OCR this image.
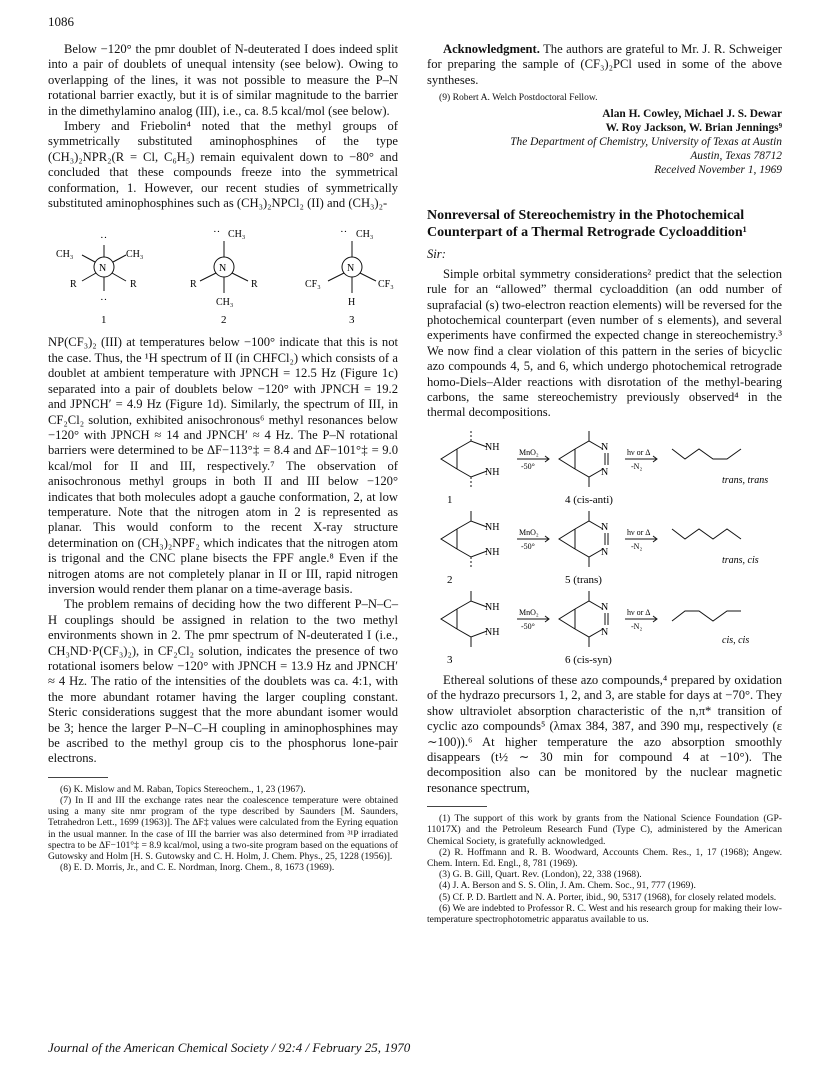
1086

Below −120° the pmr doublet of N-deuterated I does indeed split into a pair of doublets of unequal intensity (see below). Owing to overlapping of the lines, it was not possible to measure the P–N rotational barrier exactly, but it is of similar magnitude to the barrier in the dimethylamino analog (III), i.e., ca. 8.5 kcal/mol (see below).

Imbery and Friebolin⁴ noted that the methyl groups of symmetrically substituted aminophosphines of the type (CH₃)₂NPR₂(R = Cl, C₆H₅) remain equivalent down to −80° and concluded that these compounds freeze into the symmetrical conformation, 1. However, our recent studies of symmetrically substituted aminophosphines such as (CH₃)₂NPCl₂ (II) and (CH₃)₂-

··
N
CH₃	CH₃
R	R
··
1
·· CH₃
N
R	R
CH₃
2
·· CH₃
N
CF₃	CF₃
H
3

NP(CF₃)₂ (III) at temperatures below −100° indicate that this is not the case. Thus, the ¹H spectrum of II (in CHFCl₂) which consists of a doublet at ambient temperature with JPNCH = 12.5 Hz (Figure 1c) separated into a pair of doublets below −120° with JPNCH = 19.2 and JPNCH′ = 4.9 Hz (Figure 1d). Similarly, the spectrum of III, in CF₂Cl₂ solution, exhibited anisochronous⁶ methyl resonances below −120° with JPNCH ≈ 14 and JPNCH′ ≈ 4 Hz. The P–N rotational barriers were determined to be ΔF−113°‡ = 8.4 and ΔF−101°‡ = 9.0 kcal/mol for II and III, respectively.⁷ The observation of anisochronous methyl groups in both II and III below −120° indicates that both molecules adopt a gauche conformation, 2, at low temperature. Note that the nitrogen atom in 2 is represented as planar. This would conform to the recent X-ray structure determination on (CH₃)₂NPF₂ which indicates that the nitrogen atom is trigonal and the CNC plane bisects the FPF angle.⁸ Even if the nitrogen atoms are not completely planar in II or III, rapid nitrogen inversion would render them planar on a time-average basis.

The problem remains of deciding how the two different P–N–C–H couplings should be assigned in relation to the two methyl environments shown in 2. The pmr spectrum of N-deuterated I (i.e., CH₃ND·P(CF₃)₂), in CF₂Cl₂ solution, indicates the presence of two rotational isomers below −120° with JPNCH = 13.9 Hz and JPNCH′ ≈ 4 Hz. The ratio of the intensities of the doublets was ca. 4:1, with the more abundant rotamer having the larger coupling constant. Steric considerations suggest that the more abundant isomer would be 3; hence the larger P–N–C–H coupling in aminophosphines may be ascribed to the methyl group cis to the phosphorus lone-pair electrons.

(6) K. Mislow and M. Raban, Topics Stereochem., 1, 23 (1967).

(7) In II and III the exchange rates near the coalescence temperature were obtained using a many site nmr program of the type described by Saunders [M. Saunders, Tetrahedron Lett., 1699 (1963)]. The ΔF‡ values were calculated from the Eyring equation in the usual manner. In the case of III the barrier was also determined from ³¹P irradiated spectra to be ΔF−101°‡ = 8.9 kcal/mol, using a two-site program based on the equations of Gutowsky and Holm [H. S. Gutowsky and C. H. Holm, J. Chem. Phys., 25, 1228 (1956)].

(8) E. D. Morris, Jr., and C. E. Nordman, Inorg. Chem., 8, 1673 (1969).

Acknowledgment. The authors are grateful to Mr. J. R. Schweiger for preparing the sample of (CF₃)₂PCl used in some of the above syntheses.

(9) Robert A. Welch Postdoctoral Fellow.

Alan H. Cowley, Michael J. S. Dewar
W. Roy Jackson, W. Brian Jennings⁹
The Department of Chemistry, University of Texas at Austin
Austin, Texas 78712
Received November 1, 1969
Nonreversal of Stereochemistry in the Photochemical Counterpart of a Thermal Retrograde Cycloaddition¹
Sir:

Simple orbital symmetry considerations² predict that the selection rule for an “allowed” thermal cycloaddition (an odd number of suprafacial (s) two-electron reaction elements) will be reversed for the photochemical counterpart (even number of s elements), and several experiments have confirmed the expected change in stereochemistry.³ We now find a clear violation of this pattern in the series of bicyclic azo compounds 4, 5, and 6, which undergo photochemical retrograde homo-Diels–Alder reactions with disrotation of the methyl-bearing carbons, the same stereochemistry previously observed⁴ in the thermal decompositions.

NH
NH
1
MnO₂
-50°
N
N
4 (cis-anti)
hν or Δ
-N₂
trans, trans
NH
NH
2
MnO₂
-50°
N
N
5 (trans)
hν or Δ
-N₂
trans, cis
NH
NH
3
MnO₂
-50°
N
N
6 (cis-syn)
hν or Δ
-N₂
cis, cis

Ethereal solutions of these azo compounds,⁴ prepared by oxidation of the hydrazo precursors 1, 2, and 3, are stable for days at −70°. They show ultraviolet absorption characteristic of the n,π* transition of cyclic azo compounds⁵ (λmax 384, 387, and 390 mμ, respectively (ε ∼100)).⁶ At higher temperature the azo absorption smoothly disappears (t½ ∼ 30 min for compound 4 at −10°). The decomposition also can be monitored by the nuclear magnetic resonance spectrum,

(1) The support of this work by grants from the National Science Foundation (GP-11017X) and the Petroleum Research Fund (Type C), administered by the American Chemical Society, is gratefully acknowledged.

(2) R. Hoffmann and R. B. Woodward, Accounts Chem. Res., 1, 17 (1968); Angew. Chem. Intern. Ed. Engl., 8, 781 (1969).

(3) G. B. Gill, Quart. Rev. (London), 22, 338 (1968).

(4) J. A. Berson and S. S. Olin, J. Am. Chem. Soc., 91, 777 (1969).

(5) Cf. P. D. Bartlett and N. A. Porter, ibid., 90, 5317 (1968), for closely related models.

(6) We are indebted to Professor R. C. West and his research group for making their low-temperature spectrophotometric apparatus available to us.

Journal of the American Chemical Society / 92:4 / February 25, 1970
